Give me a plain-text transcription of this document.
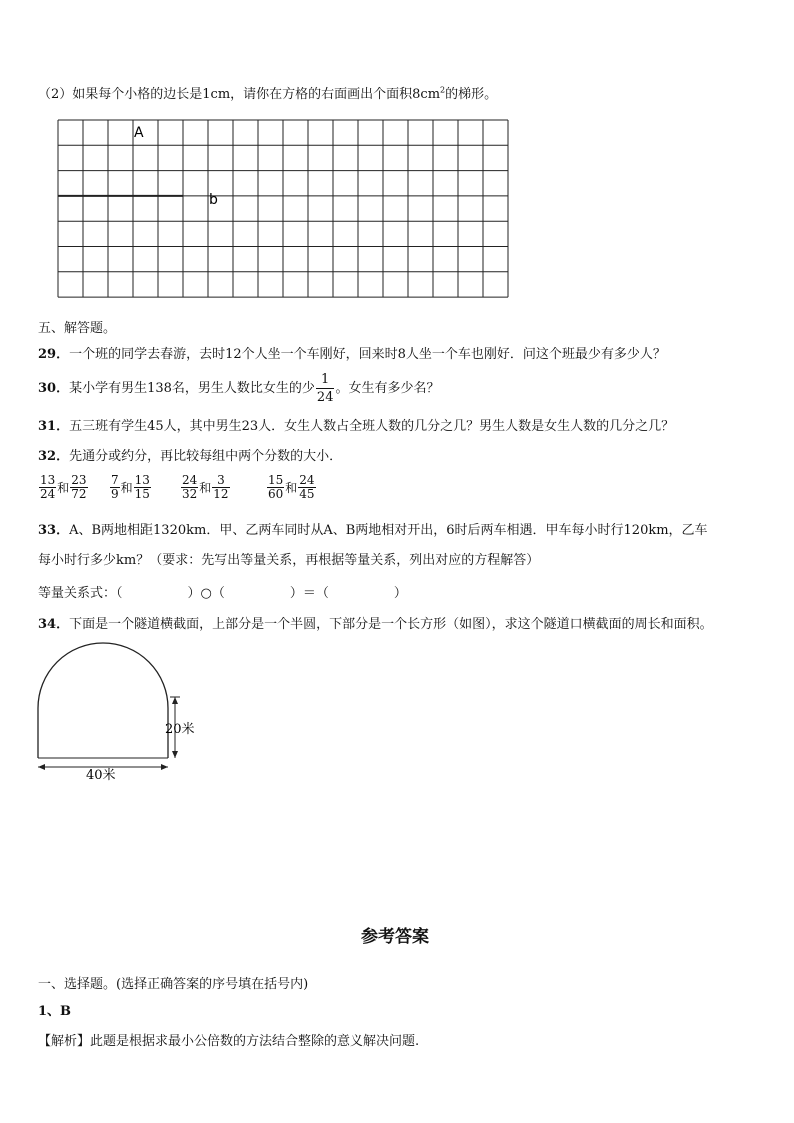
（2）如果每个小格的边长是1cm，请你在方格的右面画出个面积$8cm^2$的梯形。
A
b
五、解答题。
29．一个班的同学去春游，去时12个人坐一个车刚好，回来时8人坐一个车也刚好．问这个班最少有多少人？
30．某小学有男生138名，男生人数比女生的少 $\frac{1}{24}$ 。女生有多少名？
31．五三班有学生45人，其中男生23人．女生人数占全班人数的几分之几？男生人数是女生人数的几分之几？
32．先通分或约分，再比较每组中两个分数的大小．
$\frac{13}{24}$ 和 $\frac{23}{72} \frac{7}{9}$ 和 $\frac{13}{15}$	$\frac{24}{32}$ 和 $\frac{3}{12}$	$\frac{15}{60}$ 和 $\frac{24}{45}$
33．A、B两地相距1320km．甲、乙两车同时从A、B两地相对开出，6时后两车相遇．甲车每小时行120km，乙车
每小时行多少km？（要求：先写出等量关系，再根据等量关系，列出对应的方程解答）
等量关系式：（　　　　　）○（　　　　　）＝（　　　　　）
34．下面是一个隧道横截面，上部分是一个半圆，下部分是一个长方形（如图），求这个隧道口横截面的周长和面积。
20米
40米
参考答案
一、选择题。(选择正确答案的序号填在括号内)
1、B
【解析】此题是根据求最小公倍数的方法结合整除的意义解决问题.
